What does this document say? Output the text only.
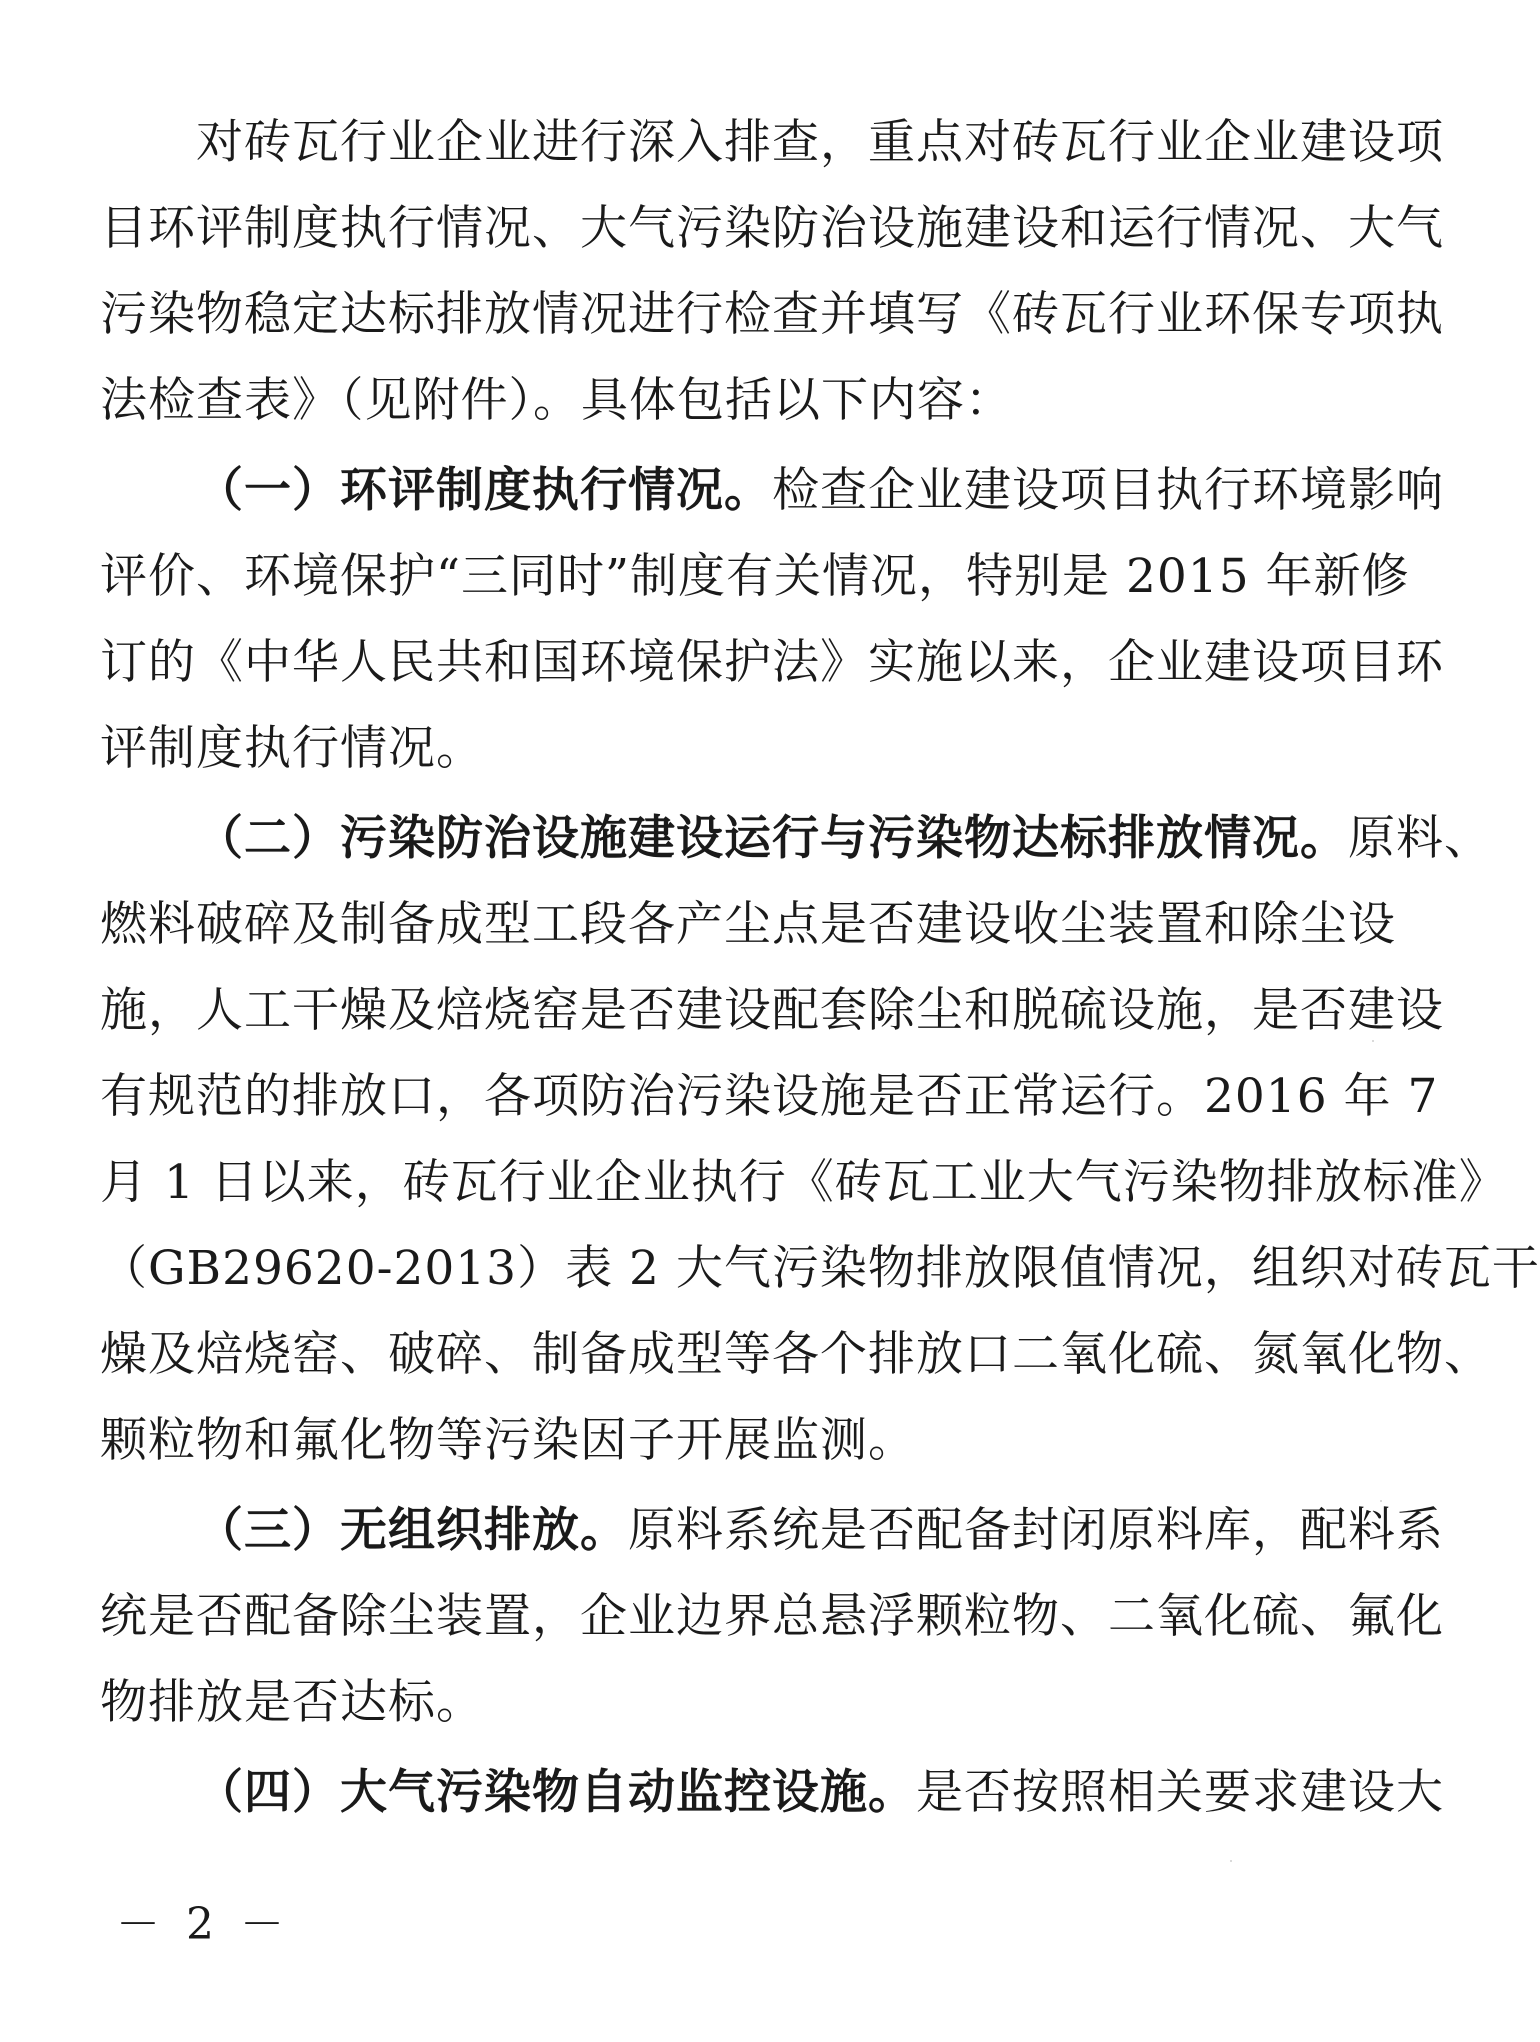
对砖瓦行业企业进行深入排查，重点对砖瓦行业企业建设项
目环评制度执行情况、大气污染防治设施建设和运行情况、大气
污染物稳定达标排放情况进行检查并填写《砖瓦行业环保专项执
法检查表》（见附件）。具体包括以下内容：
（一）环评制度执行情况。检查企业建设项目执行环境影响
评价、环境保护“三同时”制度有关情况，特别是 2015 年新修
订的《中华人民共和国环境保护法》实施以来，企业建设项目环
评制度执行情况。
（二）污染防治设施建设运行与污染物达标排放情况。原料、
燃料破碎及制备成型工段各产尘点是否建设收尘装置和除尘设
施，人工干燥及焙烧窑是否建设配套除尘和脱硫设施，是否建设
有规范的排放口，各项防治污染设施是否正常运行。2016 年 7
月 1 日以来，砖瓦行业企业执行《砖瓦工业大气污染物排放标准》
（GB29620-2013）表 2 大气污染物排放限值情况，组织对砖瓦干
燥及焙烧窑、破碎、制备成型等各个排放口二氧化硫、氮氧化物、
颗粒物和氟化物等污染因子开展监测。
（三）无组织排放。原料系统是否配备封闭原料库，配料系
统是否配备除尘装置，企业边界总悬浮颗粒物、二氧化硫、氟化
物排放是否达标。
（四）大气污染物自动监控设施。是否按照相关要求建设大
－ 2 －
